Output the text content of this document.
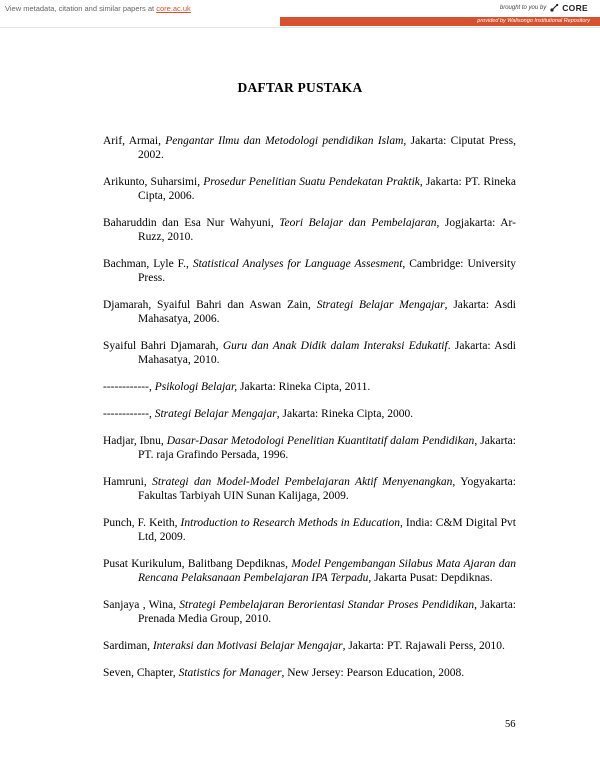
View metadata, citation and similar papers at core.ac.uk	brought to you by CORE
provided by Walisongo Institutional Repository
DAFTAR PUSTAKA

Arif, Armai, Pengantar Ilmu dan Metodologi pendidikan Islam, Jakarta: Ciputat Press, 2002.

Arikunto, Suharsimi, Prosedur Penelitian Suatu Pendekatan Praktik, Jakarta: PT. Rineka Cipta, 2006.

Baharuddin dan Esa Nur Wahyuni, Teori Belajar dan Pembelajaran, Jogjakarta: Ar-Ruzz, 2010.

Bachman, Lyle F., Statistical Analyses for Language Assesment, Cambridge: University Press.

Djamarah, Syaiful Bahri dan Aswan Zain, Strategi Belajar Mengajar, Jakarta: Asdi Mahasatya, 2006.

Syaiful Bahri Djamarah, Guru dan Anak Didik dalam Interaksi Edukatif. Jakarta: Asdi Mahasatya, 2010.

------------, Psikologi Belajar, Jakarta: Rineka Cipta, 2011.

------------, Strategi Belajar Mengajar, Jakarta: Rineka Cipta, 2000.

Hadjar, Ibnu, Dasar-Dasar Metodologi Penelitian Kuantitatif dalam Pendidikan, Jakarta: PT. raja Grafindo Persada, 1996.

Hamruni, Strategi dan Model-Model Pembelajaran Aktif Menyenangkan, Yogyakarta: Fakultas Tarbiyah UIN Sunan Kalijaga, 2009.

Punch, F. Keith, Introduction to Research Methods in Education, India: C&M Digital Pvt Ltd, 2009.

Pusat Kurikulum, Balitbang Depdiknas, Model Pengembangan Silabus Mata Ajaran dan Rencana Pelaksanaan Pembelajaran IPA Terpadu, Jakarta Pusat: Depdiknas.

Sanjaya , Wina, Strategi Pembelajaran Berorientasi Standar Proses Pendidikan, Jakarta: Prenada Media Group, 2010.

Sardiman, Interaksi dan Motivasi Belajar Mengajar, Jakarta: PT. Rajawali Perss, 2010.

Seven, Chapter, Statistics for Manager, New Jersey: Pearson Education, 2008.

56
